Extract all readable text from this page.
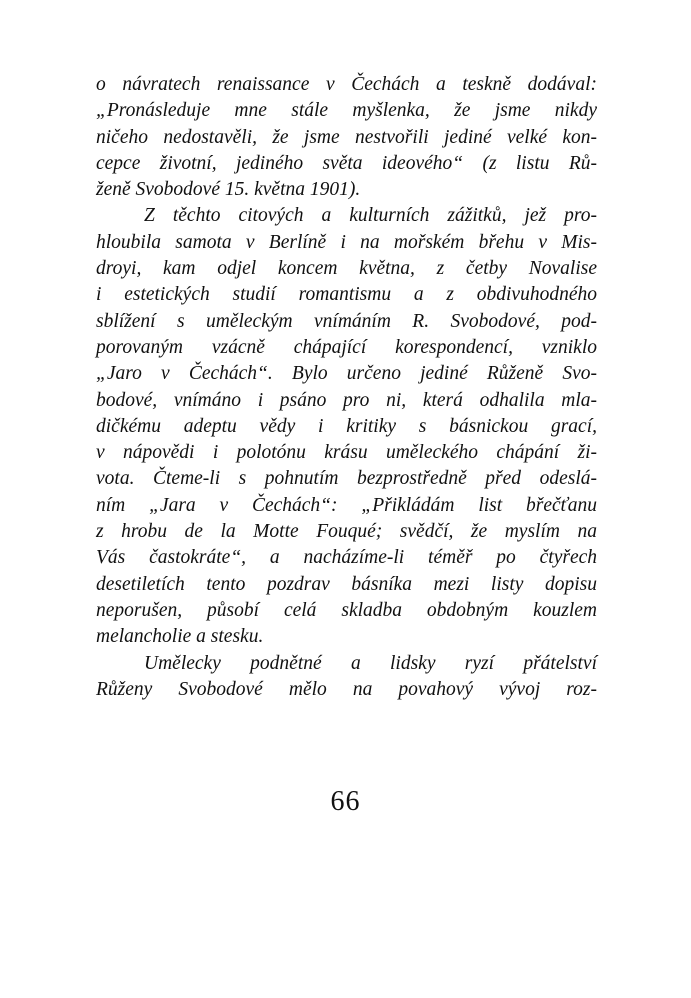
o návratech renaissance v Čechách a teskně dodával:
„Pronásleduje mne stále myšlenka, že jsme nikdy
ničeho nedostavěli, že jsme nestvořili jediné velké kon-
cepce životní, jediného světa ideového“ (z listu Rů-
ženě Svobodové 15. května 1901).
Z těchto citových a kulturních zážitků, jež pro-
hloubila samota v Berlíně i na mořském břehu v Mis-
droyi, kam odjel koncem května, z četby Novalise
i estetických studií romantismu a z obdivuhodného
sblížení s uměleckým vnímáním R. Svobodové, pod-
porovaným vzácně chápající korespondencí, vzniklo
„Jaro v Čechách“. Bylo určeno jediné Růženě Svo-
bodové, vnímáno i psáno pro ni, která odhalila mla-
dičkému adeptu vědy i kritiky s básnickou grací,
v nápovědi i polotónu krásu uměleckého chápání ži-
vota. Čteme-li s pohnutím bezprostředně před odeslá-
ním „Jara v Čechách“: „Přikládám list břečťanu
z hrobu de la Motte Fouqué; svědčí, že myslím na
Vás častokráte“, a nacházíme-li téměř po čtyřech
desetiletích tento pozdrav básníka mezi listy dopisu
neporušen, působí celá skladba obdobným kouzlem
melancholie a stesku.
Umělecky podnětné a lidsky ryzí přátelství
Růženy Svobodové mělo na povahový vývoj roz-
66
